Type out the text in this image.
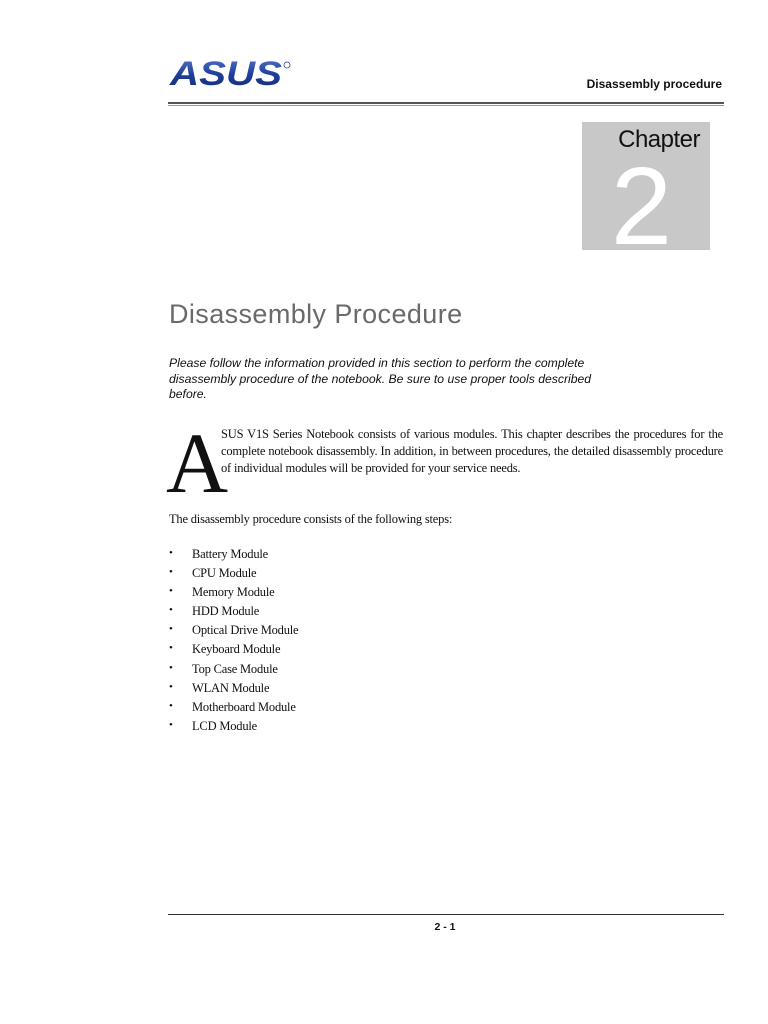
ASUS	Disassembly procedure
Chapter
2
Disassembly Procedure
Please follow the information provided in this section to perform the complete disassembly procedure of the notebook. Be sure to use proper tools described before.
A
SUS V1S Series Notebook consists of various modules. This chapter describes the procedures for the complete notebook disassembly. In addition, in between procedures, the detailed disassembly procedure of individual modules will be provided for your service needs.
The disassembly procedure consists of the following steps:
• Battery Module
• CPU Module
• Memory Module
• HDD Module
• Optical Drive Module
• Keyboard Module
• Top Case Module
• WLAN Module
• Motherboard Module
• LCD Module
2 - 1
